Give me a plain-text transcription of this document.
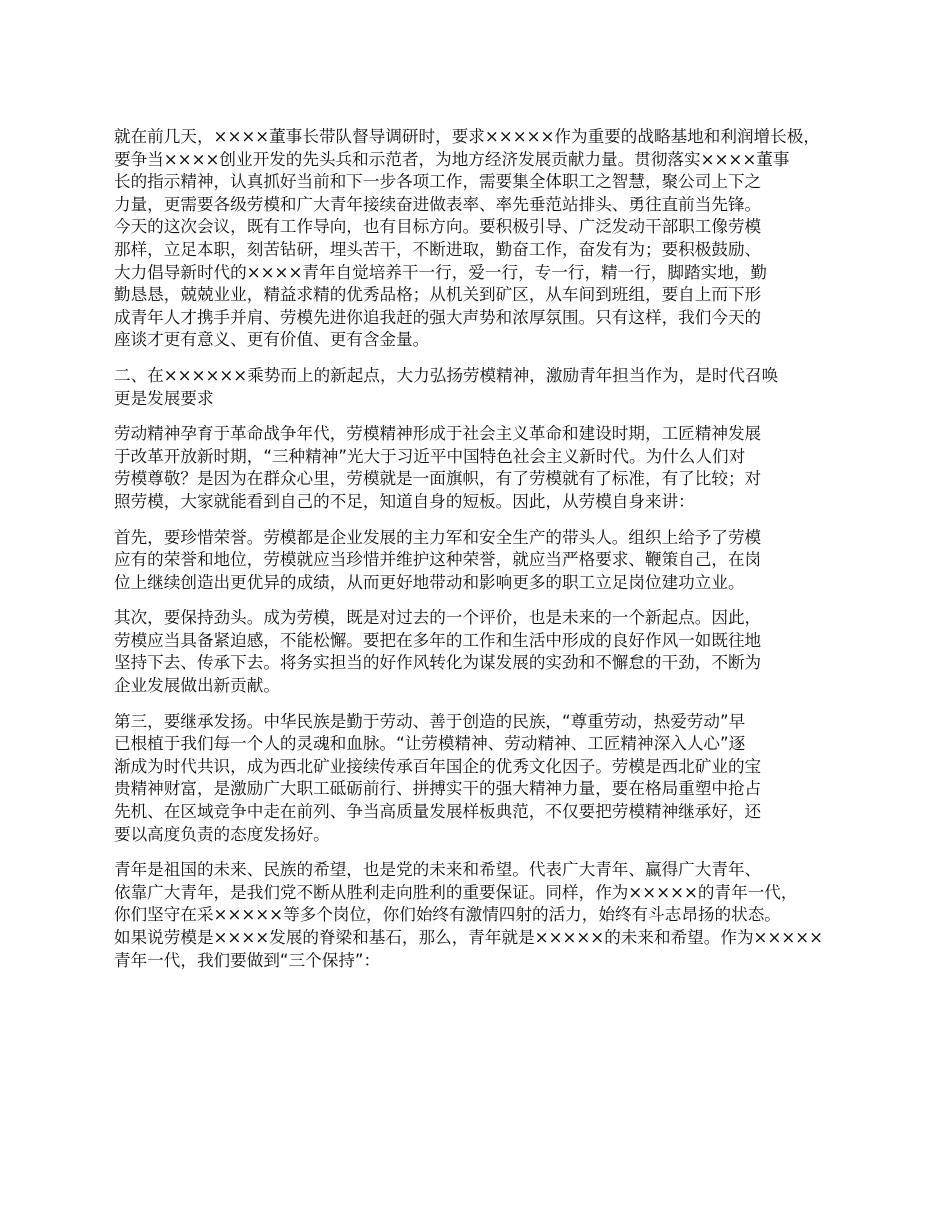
就在前几天，××××董事长带队督导调研时，要求×××××作为重要的战略基地和利润增长极，
要争当××××创业开发的先头兵和示范者，为地方经济发展贡献力量。贯彻落实××××董事
长的指示精神，认真抓好当前和下一步各项工作，需要集全体职工之智慧，聚公司上下之
力量，更需要各级劳模和广大青年接续奋进做表率、率先垂范站排头、勇往直前当先锋。
今天的这次会议，既有工作导向，也有目标方向。要积极引导、广泛发动干部职工像劳模
那样，立足本职，刻苦钻研，埋头苦干，不断进取，勤奋工作，奋发有为；要积极鼓励、
大力倡导新时代的××××青年自觉培养干一行，爱一行，专一行，精一行，脚踏实地，勤
勤恳恳，兢兢业业，精益求精的优秀品格；从机关到矿区，从车间到班组，要自上而下形
成青年人才携手并肩、劳模先进你追我赶的强大声势和浓厚氛围。只有这样，我们今天的
座谈才更有意义、更有价值、更有含金量。

二、在××××××乘势而上的新起点，大力弘扬劳模精神，激励青年担当作为，是时代召唤
更是发展要求

劳动精神孕育于革命战争年代，劳模精神形成于社会主义革命和建设时期，工匠精神发展
于改革开放新时期，“三种精神”光大于习近平中国特色社会主义新时代。为什么人们对
劳模尊敬？是因为在群众心里，劳模就是一面旗帜，有了劳模就有了标准，有了比较；对
照劳模，大家就能看到自己的不足，知道自身的短板。因此，从劳模自身来讲：

首先，要珍惜荣誉。劳模都是企业发展的主力军和安全生产的带头人。组织上给予了劳模
应有的荣誉和地位，劳模就应当珍惜并维护这种荣誉，就应当严格要求、鞭策自己，在岗
位上继续创造出更优异的成绩，从而更好地带动和影响更多的职工立足岗位建功立业。

其次，要保持劲头。成为劳模，既是对过去的一个评价，也是未来的一个新起点。因此，
劳模应当具备紧迫感，不能松懈。要把在多年的工作和生活中形成的良好作风一如既往地
坚持下去、传承下去。将务实担当的好作风转化为谋发展的实劲和不懈怠的干劲，不断为
企业发展做出新贡献。

第三，要继承发扬。中华民族是勤于劳动、善于创造的民族，“尊重劳动，热爱劳动”早
已根植于我们每一个人的灵魂和血脉。“让劳模精神、劳动精神、工匠精神深入人心”逐
渐成为时代共识，成为西北矿业接续传承百年国企的优秀文化因子。劳模是西北矿业的宝
贵精神财富，是激励广大职工砥砺前行、拼搏实干的强大精神力量，要在格局重塑中抢占
先机、在区域竞争中走在前列、争当高质量发展样板典范，不仅要把劳模精神继承好，还
要以高度负责的态度发扬好。

青年是祖国的未来、民族的希望，也是党的未来和希望。代表广大青年、赢得广大青年、
依靠广大青年，是我们党不断从胜利走向胜利的重要保证。同样，作为×××××的青年一代，
你们坚守在采×××××等多个岗位，你们始终有激情四射的活力，始终有斗志昂扬的状态。
如果说劳模是××××发展的脊梁和基石，那么，青年就是×××××的未来和希望。作为×××××
青年一代，我们要做到“三个保持”：
